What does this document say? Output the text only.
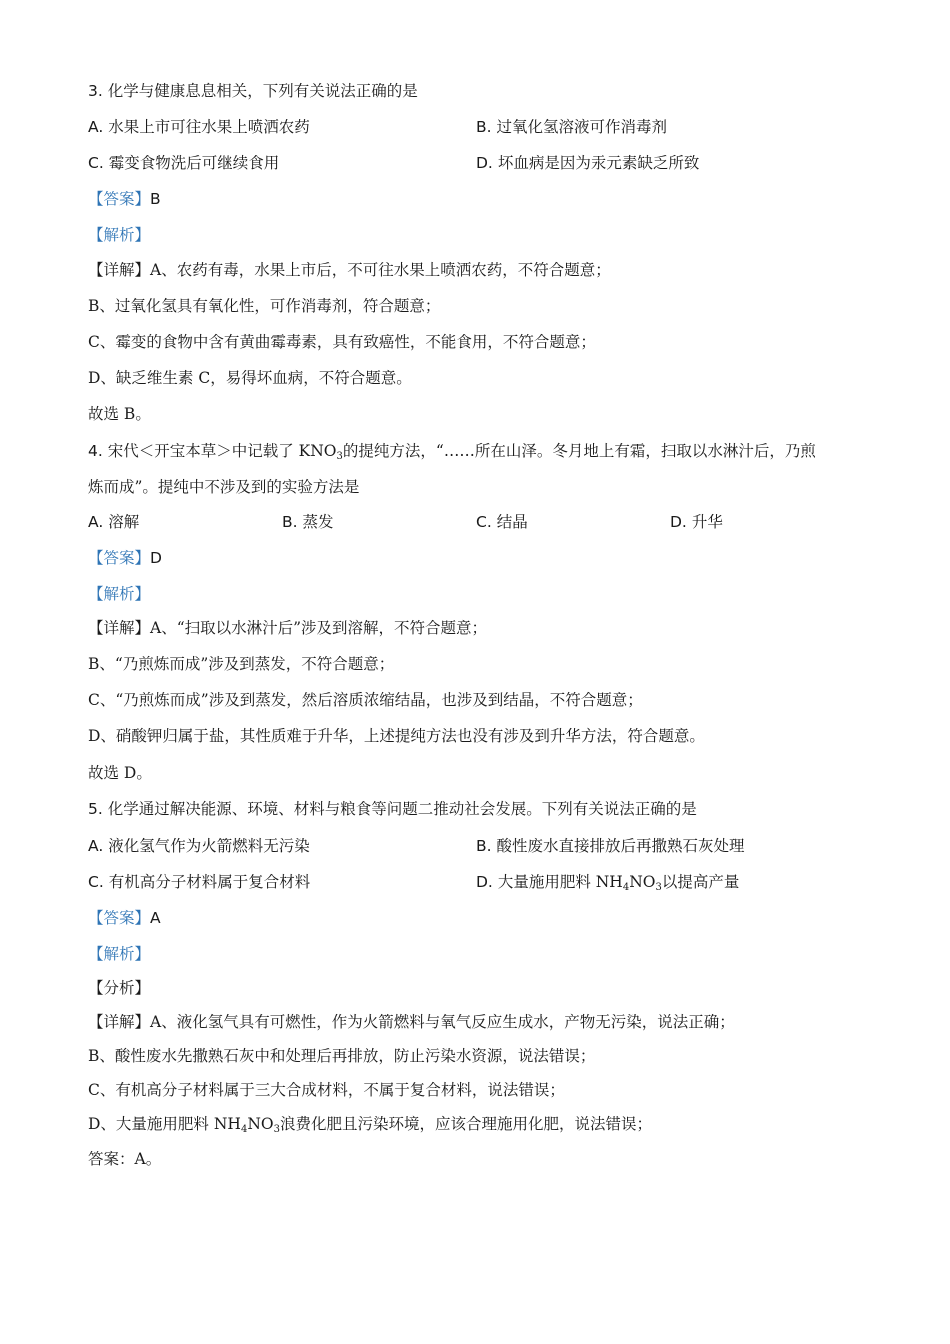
3. 化学与健康息息相关，下列有关说法正确的是
A. 水果上市可往水果上喷洒农药	B. 过氧化氢溶液可作消毒剂
C. 霉变食物洗后可继续食用	D. 坏血病是因为汞元素缺乏所致
【答案】B
【解析】
【详解】A、农药有毒，水果上市后，不可往水果上喷洒农药，不符合题意；
B、过氧化氢具有氧化性，可作消毒剂，符合题意；
C、霉变的食物中含有黄曲霉毒素，具有致癌性，不能食用，不符合题意；
D、缺乏维生素 C，易得坏血病，不符合题意。
故选 B。
4. 宋代＜开宝本草＞中记载了 $KNO_3$的提纯方法，“……所在山泽。冬月地上有霜，扫取以水淋汁后，乃煎
炼而成”。提纯中不涉及到的实验方法是
A. 溶解	B. 蒸发	C. 结晶	D. 升华
【答案】D
【解析】
【详解】A、“扫取以水淋汁后”涉及到溶解，不符合题意；
B、“乃煎炼而成”涉及到蒸发，不符合题意；
C、“乃煎炼而成”涉及到蒸发，然后溶质浓缩结晶，也涉及到结晶，不符合题意；
D、硝酸钾归属于盐，其性质难于升华，上述提纯方法也没有涉及到升华方法，符合题意。
故选 D。
5. 化学通过解决能源、环境、材料与粮食等问题二推动社会发展。下列有关说法正确的是
A. 液化氢气作为火箭燃料无污染	B. 酸性废水直接排放后再撒熟石灰处理
C. 有机高分子材料属于复合材料	D. 大量施用肥料 $NH_4NO_3$以提高产量
【答案】A
【解析】
【分析】
【详解】A、液化氢气具有可燃性，作为火箭燃料与氧气反应生成水，产物无污染，说法正确；
B、酸性废水先撒熟石灰中和处理后再排放，防止污染水资源，说法错误；
C、有机高分子材料属于三大合成材料，不属于复合材料，说法错误；
D、大量施用肥料 $NH_4NO_3$浪费化肥且污染环境，应该合理施用化肥，说法错误；
答案：A。
